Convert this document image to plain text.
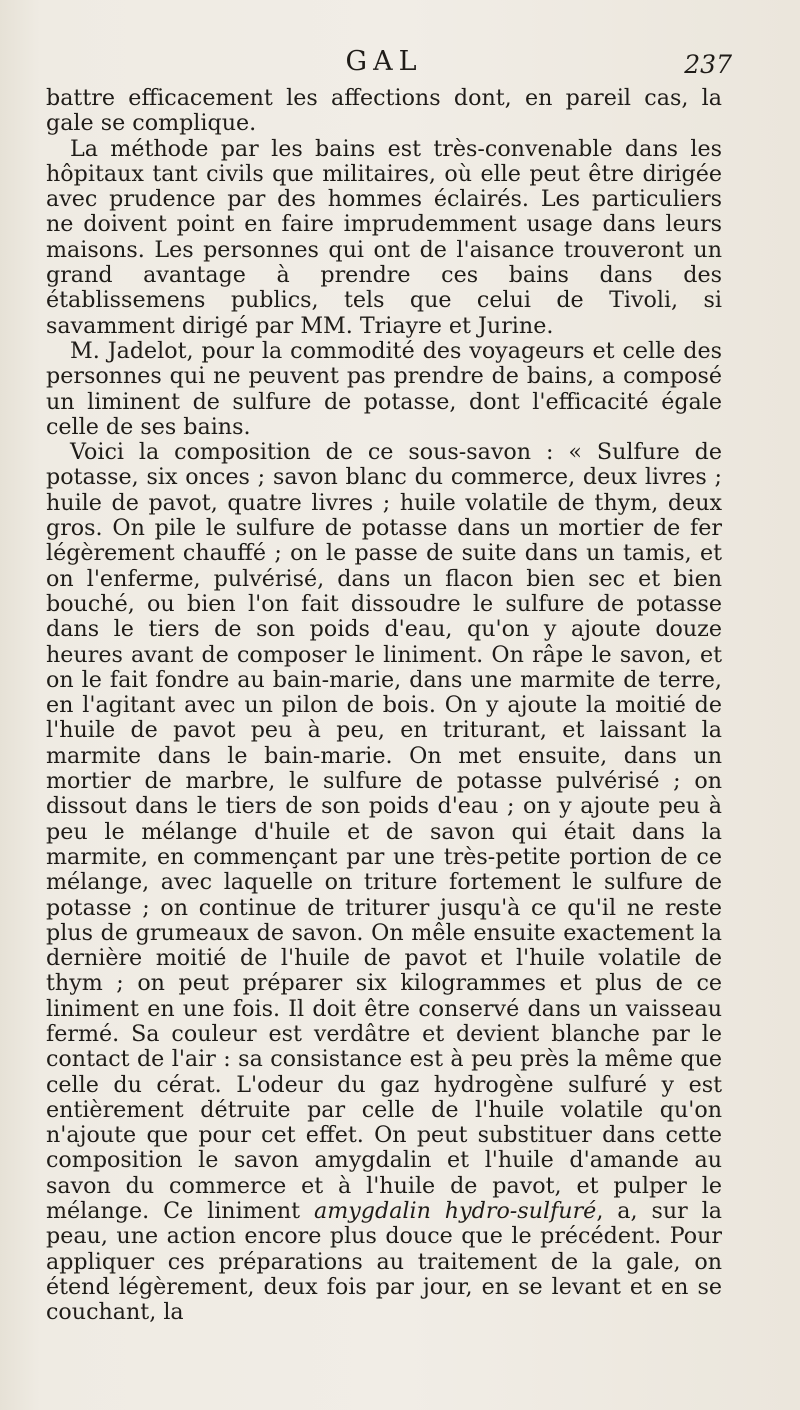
GAL	237

battre efficacement les affections dont, en pareil cas, la gale se complique.

La méthode par les bains est très-convenable dans les hôpitaux tant civils que militaires, où elle peut être dirigée avec prudence par des hommes éclairés. Les particuliers ne doivent point en faire imprudemment usage dans leurs maisons. Les personnes qui ont de l'aisance trouveront un grand avantage à prendre ces bains dans des établissemens publics, tels que celui de Tivoli, si savamment dirigé par MM. Triayre et Jurine.

M. Jadelot, pour la commodité des voyageurs et celle des personnes qui ne peuvent pas prendre de bains, a composé un liminent de sulfure de potasse, dont l'efficacité égale celle de ses bains.

Voici la composition de ce sous-savon : « Sulfure de potasse, six onces ; savon blanc du commerce, deux livres ; huile de pavot, quatre livres ; huile volatile de thym, deux gros. On pile le sulfure de potasse dans un mortier de fer légèrement chauffé ; on le passe de suite dans un tamis, et on l'enferme, pulvérisé, dans un flacon bien sec et bien bouché, ou bien l'on fait dissoudre le sulfure de potasse dans le tiers de son poids d'eau, qu'on y ajoute douze heures avant de composer le liniment. On râpe le savon, et on le fait fondre au bain-marie, dans une marmite de terre, en l'agitant avec un pilon de bois. On y ajoute la moitié de l'huile de pavot peu à peu, en triturant, et laissant la marmite dans le bain-marie. On met ensuite, dans un mortier de marbre, le sulfure de potasse pulvérisé ; on dissout dans le tiers de son poids d'eau ; on y ajoute peu à peu le mélange d'huile et de savon qui était dans la marmite, en commençant par une très-petite portion de ce mélange, avec laquelle on triture fortement le sulfure de potasse ; on continue de triturer jusqu'à ce qu'il ne reste plus de grumeaux de savon. On mêle ensuite exactement la dernière moitié de l'huile de pavot et l'huile volatile de thym ; on peut préparer six kilogrammes et plus de ce liniment en une fois. Il doit être conservé dans un vaisseau fermé. Sa couleur est verdâtre et devient blanche par le contact de l'air : sa consistance est à peu près la même que celle du cérat. L'odeur du gaz hydrogène sulfuré y est entièrement détruite par celle de l'huile volatile qu'on n'ajoute que pour cet effet. On peut substituer dans cette composition le savon amygdalin et l'huile d'amande au savon du commerce et à l'huile de pavot, et pulper le mélange. Ce liniment amygdalin hydro-sulfuré, a, sur la peau, une action encore plus douce que le précédent. Pour appliquer ces préparations au traitement de la gale, on étend légèrement, deux fois par jour, en se levant et en se couchant, la
